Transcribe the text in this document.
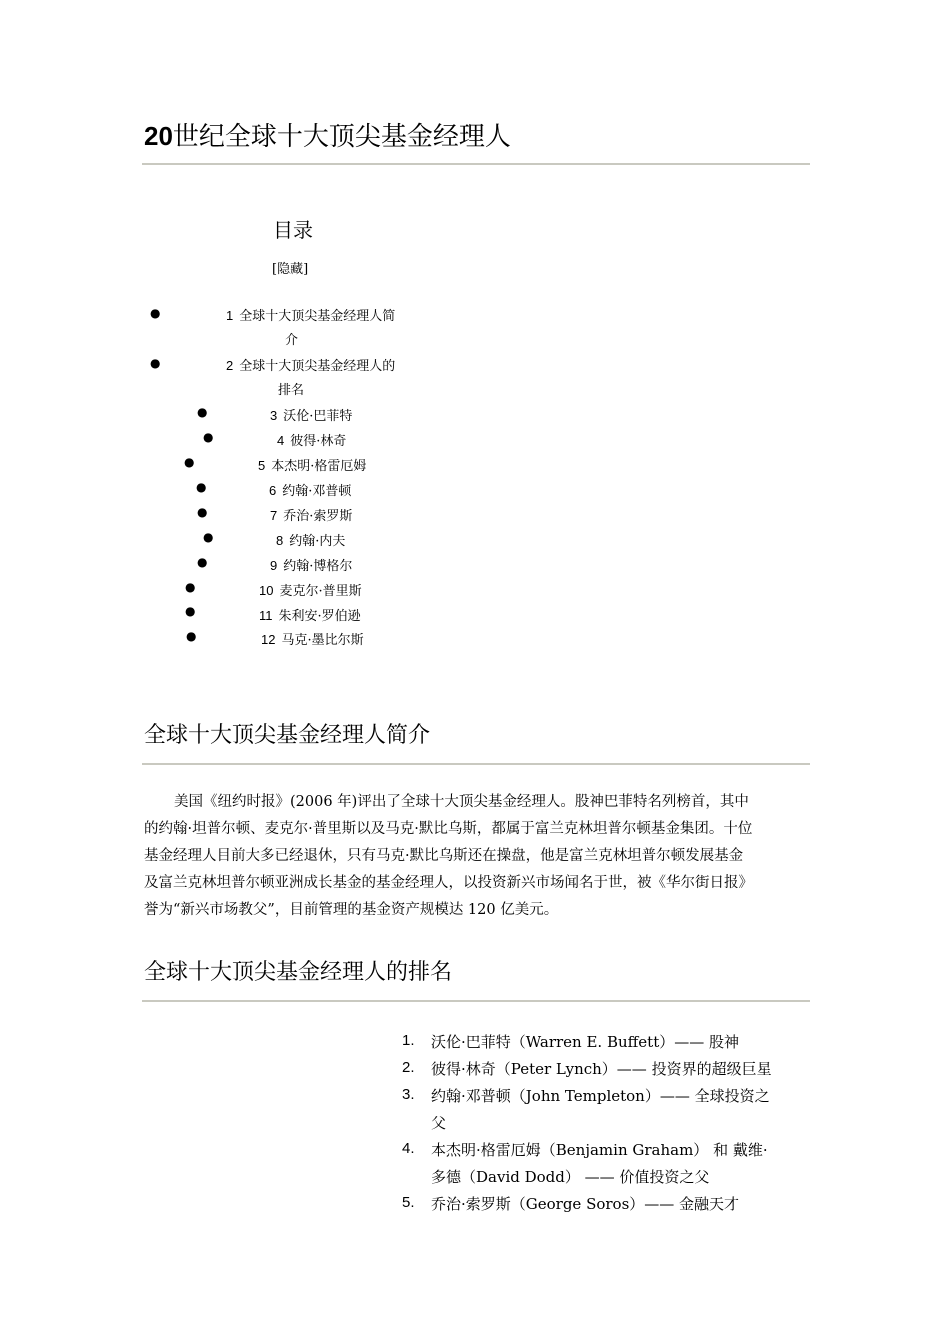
20世纪全球十大顶尖基金经理人
目录
[隐藏]
●	1 全球十大顶尖基金经理人简
介
●	2 全球十大顶尖基金经理人的
排名
●	3 沃伦·巴菲特
●	4 彼得·林奇
●	5 本杰明·格雷厄姆
●	6 约翰·邓普顿
●	7 乔治·索罗斯
●	8 约翰·内夫
●	9 约翰·博格尔
●	10 麦克尔·普里斯
●	11 朱利安·罗伯逊
●	12 马克·墨比尔斯
全球十大顶尖基金经理人简介
美国《纽约时报》(2006 年)评出了全球十大顶尖基金经理人。股神巴菲特名列榜首，其中
的约翰·坦普尔顿、麦克尔·普里斯以及马克·默比乌斯，都属于富兰克林坦普尔顿基金集团。十位
基金经理人目前大多已经退休，只有马克·默比乌斯还在操盘，他是富兰克林坦普尔顿发展基金
及富兰克林坦普尔顿亚洲成长基金的基金经理人，以投资新兴市场闻名于世，被《华尔街日报》
誉为“新兴市场教父”，目前管理的基金资产规模达 120 亿美元。
全球十大顶尖基金经理人的排名
1. 沃伦·巴菲特（Warren E. Buffett）—— 股神
2. 彼得·林奇（Peter Lynch）—— 投资界的超级巨星
3. 约翰·邓普顿（John Templeton）—— 全球投资之
父
4. 本杰明·格雷厄姆（Benjamin Graham） 和 戴维·
多德（David Dodd） —— 价值投资之父
5. 乔治·索罗斯（George Soros）—— 金融天才
